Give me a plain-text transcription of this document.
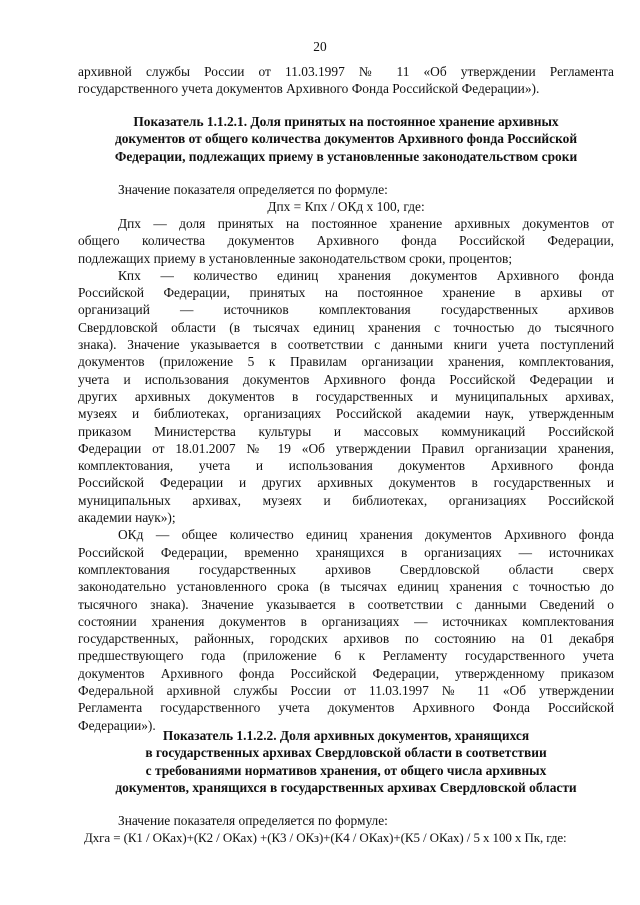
20
архивной службы России от 11.03.1997 № 11 «Об утверждении Регламента
государственного учета документов Архивного Фонда Российской Федерации»).
Показатель 1.1.2.1. Доля принятых на постоянное хранение архивных
документов от общего количества документов Архивного фонда Российской
Федерации, подлежащих приему в установленные законодательством сроки
Значение показателя определяется по формуле:
Дпх = Кпх / ОКд х 100, где:
Дпх — доля принятых на постоянное хранение архивных документов от
общего количества документов Архивного фонда Российской Федерации,
подлежащих приему в установленные законодательством сроки, процентов;
Кпх — количество единиц хранения документов Архивного фонда
Российской Федерации, принятых на постоянное хранение в архивы от
организаций — источников комплектования государственных архивов
Свердловской области (в тысячах единиц хранения с точностью до тысячного
знака). Значение указывается в соответствии с данными книги учета поступлений
документов (приложение 5 к Правилам организации хранения, комплектования,
учета и использования документов Архивного фонда Российской Федерации и
других архивных документов в государственных и муниципальных архивах,
музеях и библиотеках, организациях Российской академии наук, утвержденным
приказом Министерства культуры и массовых коммуникаций Российской
Федерации от 18.01.2007 № 19 «Об утверждении Правил организации хранения,
комплектования, учета и использования документов Архивного фонда
Российской Федерации и других архивных документов в государственных и
муниципальных архивах, музеях и библиотеках, организациях Российской
академии наук»);
ОКд — общее количество единиц хранения документов Архивного фонда
Российской Федерации, временно хранящихся в организациях — источниках
комплектования государственных архивов Свердловской области сверх
законодательно установленного срока (в тысячах единиц хранения с точностью до
тысячного знака). Значение указывается в соответствии с данными Сведений о
состоянии хранения документов в организациях — источниках комплектования
государственных, районных, городских архивов по состоянию на 01 декабря
предшествующего года (приложение 6 к Регламенту государственного учета
документов Архивного фонда Российской Федерации, утвержденному приказом
Федеральной архивной службы России от 11.03.1997 № 11 «Об утверждении
Регламента государственного учета документов Архивного Фонда Российской
Федерации»).
Показатель 1.1.2.2. Доля архивных документов, хранящихся
в государственных архивах Свердловской области в соответствии
с требованиями нормативов хранения, от общего числа архивных
документов, хранящихся в государственных архивах Свердловской области
Значение показателя определяется по формуле:
Дхга = (К1 / ОКах)+(К2 / ОКах) +(К3 / ОКз)+(К4 / ОКах)+(К5 / ОКах) / 5 х 100 х Пк, где:
